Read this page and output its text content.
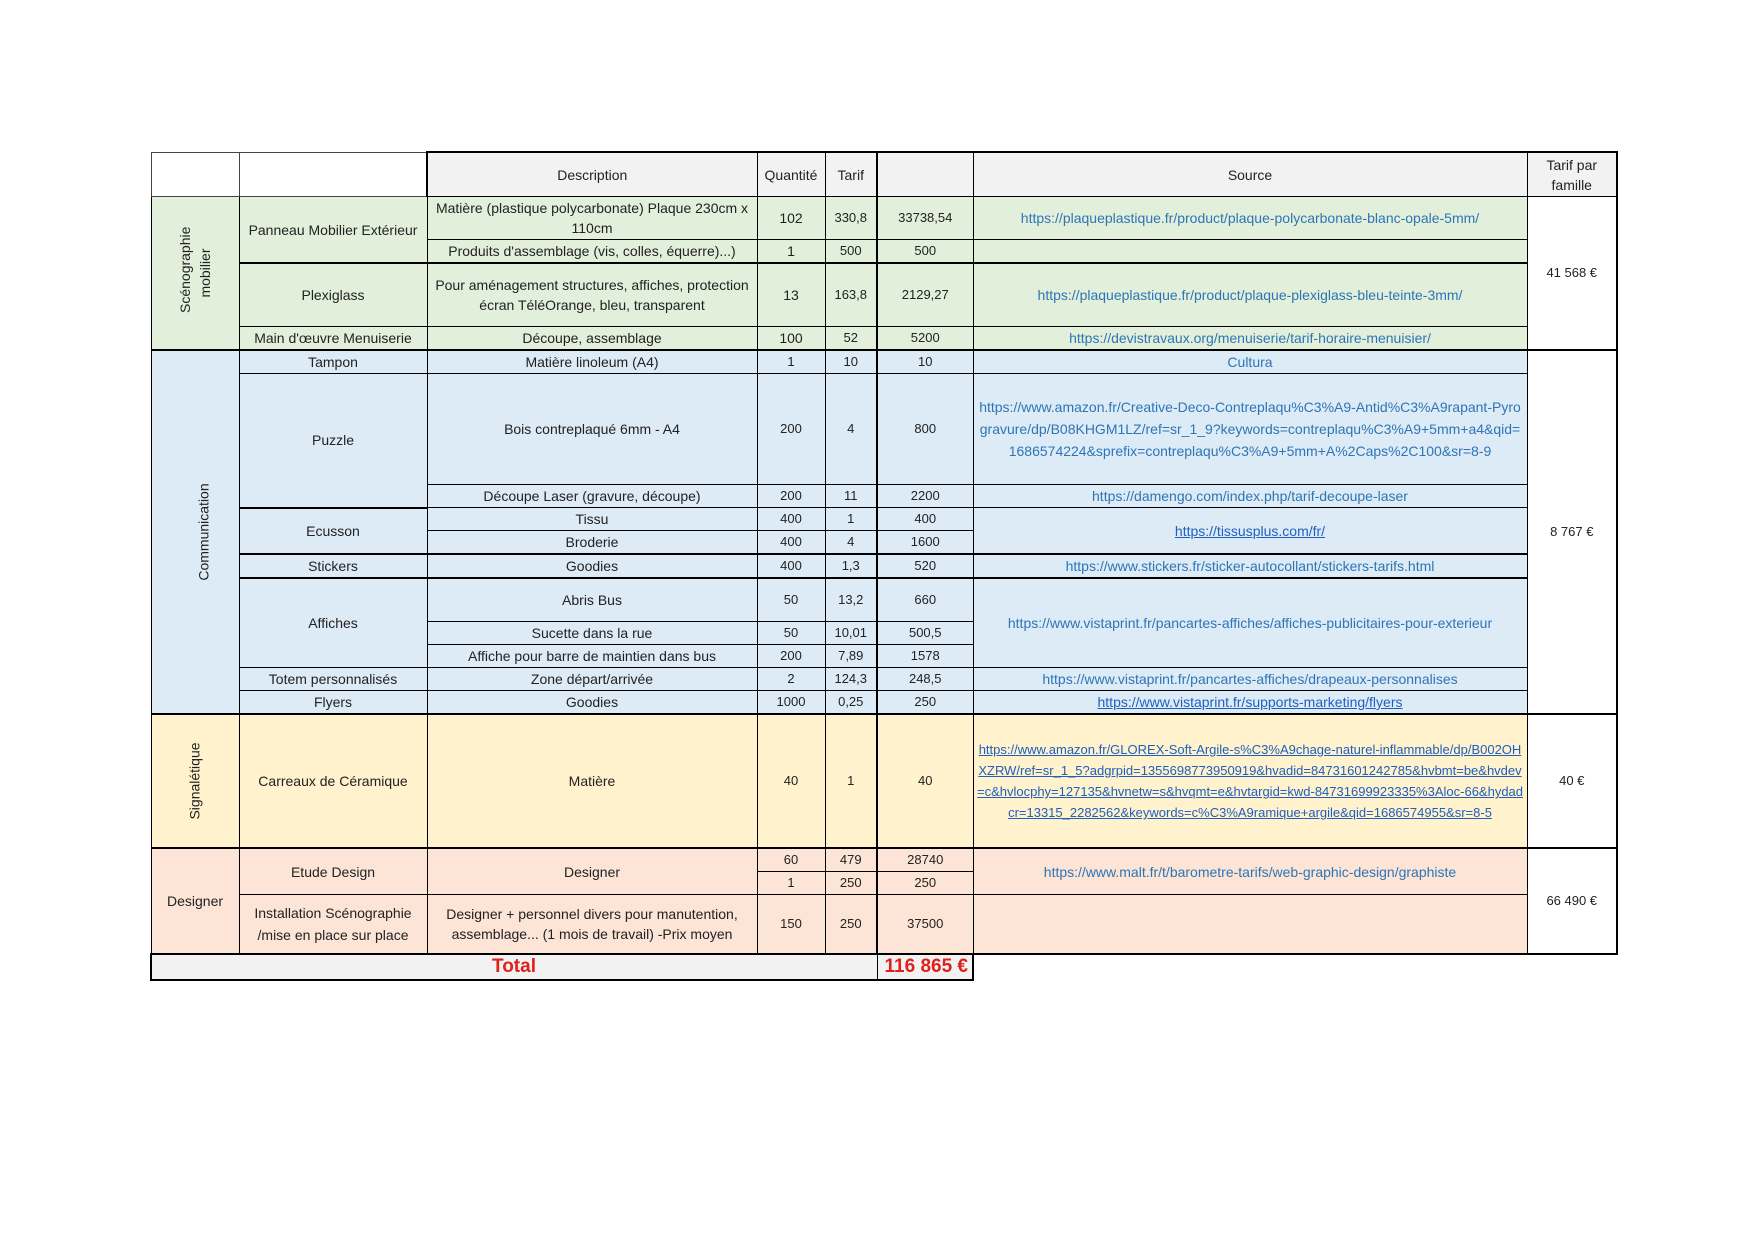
		Description	Quantité	Tarif		Source	Tarif par famille
Scénographie mobilier	Panneau Mobilier Extérieur	Matière (plastique polycarbonate) Plaque 230cm x 110cm	102	330,8	33738,54	https://plaqueplastique.fr/product/plaque-polycarbonate-blanc-opale-5mm/	41 568 €
		Produits d'assemblage (vis, colles, équerre)...)	1	500	500		
	Plexiglass	Pour aménagement structures, affiches, protection écran TéléOrange, bleu, transparent	13	163,8	2129,27	https://plaqueplastique.fr/product/plaque-plexiglass-bleu-teinte-3mm/	
	Main d'œuvre Menuiserie	Découpe, assemblage	100	52	5200	https://devistravaux.org/menuiserie/tarif-horaire-menuisier/	
Communication	Tampon	Matière linoleum (A4)	1	10	10	Cultura	8 767 €
	Puzzle	Bois contreplaqué 6mm - A4	200	4	800	https://www.amazon.fr/Creative-Deco-Contreplaqu%C3%A9-Antid%C3%A9rapant-Pyrogravure/dp/B08KHGM1LZ/ref=sr_1_9?keywords=contreplaqu%C3%A9+5mm+a4&qid=1686574224&sprefix=contreplaqu%C3%A9+5mm+A%2Caps%2C100&sr=8-9	
		Découpe Laser (gravure, découpe)	200	11	2200	https://damengo.com/index.php/tarif-decoupe-laser	
	Ecusson	Tissu	400	1	400	https://tissusplus.com/fr/	
		Broderie	400	4	1600		
	Stickers	Goodies	400	1,3	520	https://www.stickers.fr/sticker-autocollant/stickers-tarifs.html	
	Affiches	Abris Bus	50	13,2	660	https://www.vistaprint.fr/pancartes-affiches/affiches-publicitaires-pour-exterieur	
		Sucette dans la rue	50	10,01	500,5		
		Affiche pour barre de maintien dans bus	200	7,89	1578		
	Totem personnalisés	Zone départ/arrivée	2	124,3	248,5	https://www.vistaprint.fr/pancartes-affiches/drapeaux-personnalises	
	Flyers	Goodies	1000	0,25	250	https://www.vistaprint.fr/supports-marketing/flyers	
Signalétique	Carreaux de Céramique	Matière	40	1	40	https://www.amazon.fr/GLOREX-Soft-Argile-s%C3%A9chage-naturel-inflammable/dp/B002OHXZRW/ref=sr_1_5?adgrpid=1355698773950919&hvadid=84731601242785&hvbmt=be&hvdev=c&hvlocphy=127135&hvnetw=s&hvqmt=e&hvtargid=kwd-84731699923335%3Aloc-66&hydadcr=13315_2282562&keywords=c%C3%A9ramique+argile&qid=1686574955&sr=8-5	40 €
Designer	Etude Design	Designer	60	479	28740	https://www.malt.fr/t/barometre-tarifs/web-graphic-design/graphiste	66 490 €
			1	250	250		
	Installation Scénographie /mise en place sur place	Designer + personnel divers pour manutention, assemblage... (1 mois de travail) -Prix moyen	150	250	37500		
Total					116 865 €		
